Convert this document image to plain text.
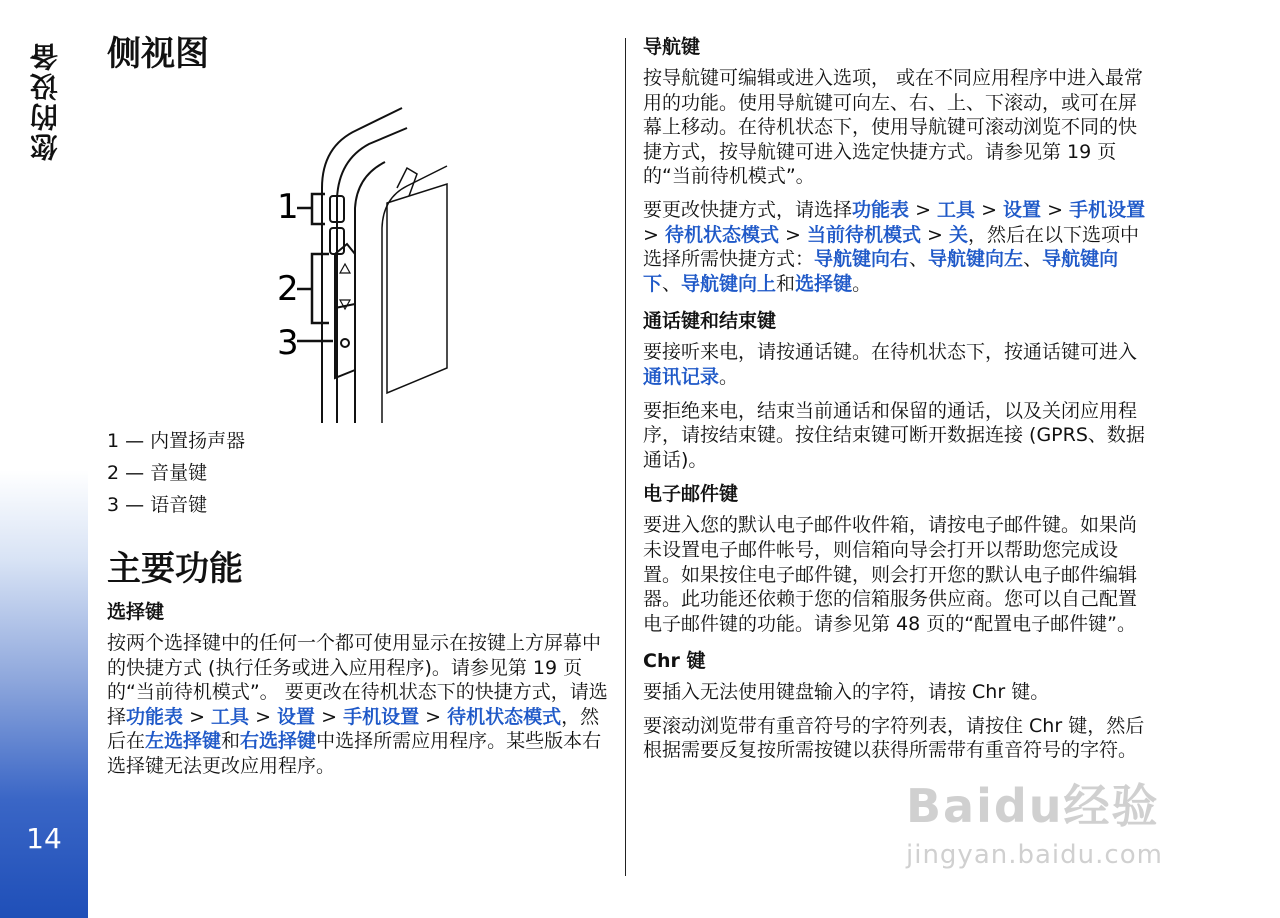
您的设备
14
侧视图
1
2
3
1 — 内置扬声器
2 — 音量键
3 — 语音键
主要功能
选择键

按两个选择键中的任何一个都可使用显示在按键上方屏幕中的快捷方式 (执行任务或进入应用程序)。请参见第 19 页的“当前待机模式”。 要更改在待机状态下的快捷方式，请选择功能表 > 工具 > 设置 > 手机设置 > 待机状态模式，然后在左选择键和右选择键中选择所需应用程序。某些版本右选择键无法更改应用程序。

导航键

按导航键可编辑或进入选项， 或在不同应用程序中进入最常用的功能。使用导航键可向左、右、上、下滚动，或可在屏幕上移动。在待机状态下，使用导航键可滚动浏览不同的快捷方式，按导航键可进入选定快捷方式。请参见第 19 页的“当前待机模式”。

要更改快捷方式，请选择功能表 > 工具 > 设置 > 手机设置 > 待机状态模式 > 当前待机模式 > 关，然后在以下选项中选择所需快捷方式：导航键向右、导航键向左、导航键向下、导航键向上和选择键。

通话键和结束键

要接听来电，请按通话键。在待机状态下，按通话键可进入通讯记录。

要拒绝来电，结束当前通话和保留的通话，以及关闭应用程序，请按结束键。按住结束键可断开数据连接 (GPRS、数据通话)。

电子邮件键

要进入您的默认电子邮件收件箱，请按电子邮件键。如果尚未设置电子邮件帐号，则信箱向导会打开以帮助您完成设置。如果按住电子邮件键，则会打开您的默认电子邮件编辑器。此功能还依赖于您的信箱服务供应商。您可以自己配置电子邮件键的功能。请参见第 48 页的“配置电子邮件键”。

Chr 键

要插入无法使用键盘输入的字符，请按 Chr 键。

要滚动浏览带有重音符号的字符列表，请按住 Chr 键，然后根据需要反复按所需按键以获得所需带有重音符号的字符。

Baidu经验
jingyan.baidu.com
